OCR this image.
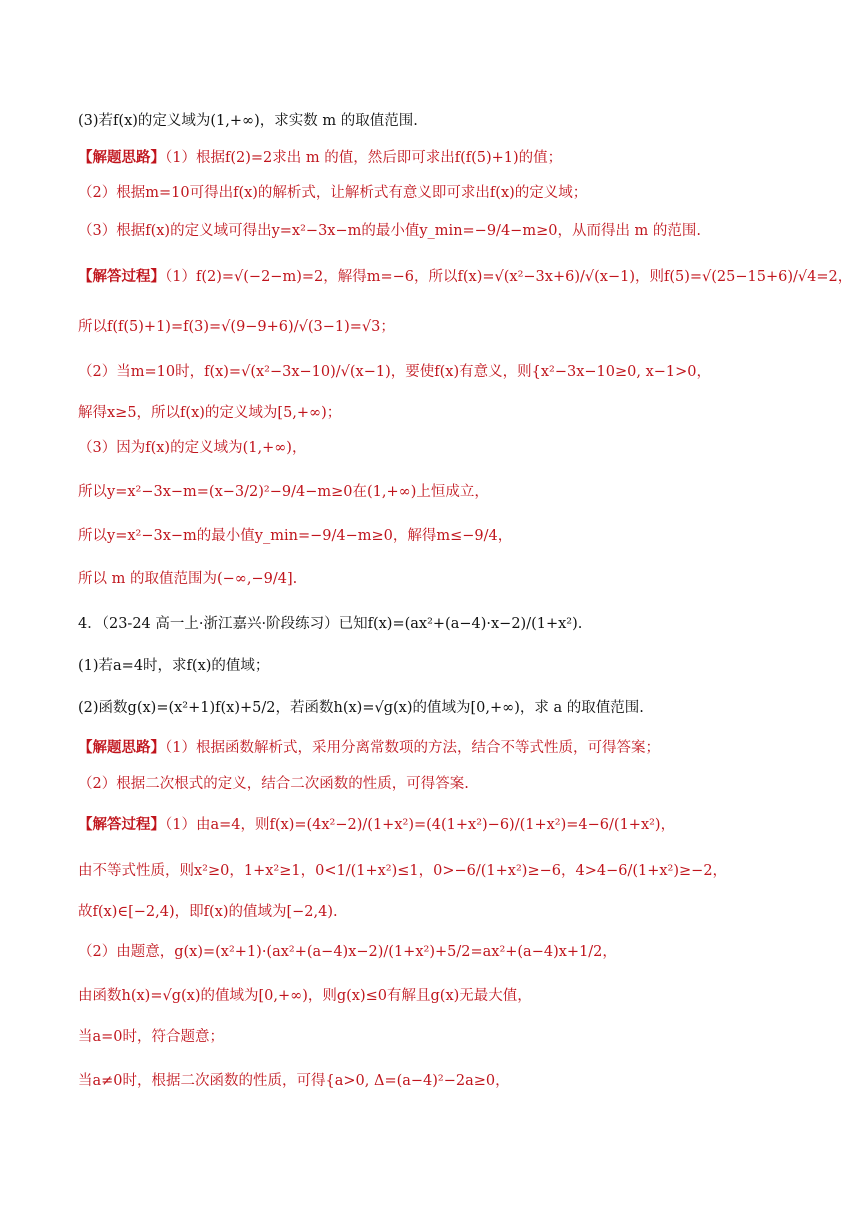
(3)若f(x)的定义域为(1,+∞)，求实数 m 的取值范围.
【解题思路】（1）根据f(2)=2求出 m 的值，然后即可求出f(f(5)+1)的值；
（2）根据m=10可得出f(x)的解析式，让解析式有意义即可求出f(x)的定义域；
（3）根据f(x)的定义域可得出y=x²−3x−m的最小值y_min=−9/4−m≥0，从而得出 m 的范围.
【解答过程】（1）f(2)=√(−2−m)=2，解得m=−6，所以f(x)=√(x²−3x+6)/√(x−1)，则f(5)=√(25−15+6)/√4=2，
所以f(f(5)+1)=f(3)=√(9−9+6)/√(3−1)=√3；
（2）当m=10时，f(x)=√(x²−3x−10)/√(x−1)，要使f(x)有意义，则{x²−3x−10≥0, x−1>0，
解得x≥5，所以f(x)的定义域为[5,+∞)；
（3）因为f(x)的定义域为(1,+∞)，
所以y=x²−3x−m=(x−3/2)²−9/4−m≥0在(1,+∞)上恒成立，
所以y=x²−3x−m的最小值y_min=−9/4−m≥0，解得m≤−9/4，
所以 m 的取值范围为(−∞,−9/4].
4．（23-24 高一上·浙江嘉兴·阶段练习）已知f(x)=(ax²+(a−4)·x−2)/(1+x²).
(1)若a=4时，求f(x)的值域；
(2)函数g(x)=(x²+1)f(x)+5/2，若函数h(x)=√g(x)的值域为[0,+∞)，求 a 的取值范围.
【解题思路】（1）根据函数解析式，采用分离常数项的方法，结合不等式性质，可得答案；
（2）根据二次根式的定义，结合二次函数的性质，可得答案.
【解答过程】（1）由a=4，则f(x)=(4x²−2)/(1+x²)=(4(1+x²)−6)/(1+x²)=4−6/(1+x²)，
由不等式性质，则x²≥0，1+x²≥1，0<1/(1+x²)≤1，0>−6/(1+x²)≥−6，4>4−6/(1+x²)≥−2，
故f(x)∈[−2,4)，即f(x)的值域为[−2,4).
（2）由题意，g(x)=(x²+1)·(ax²+(a−4)x−2)/(1+x²)+5/2=ax²+(a−4)x+1/2，
由函数h(x)=√g(x)的值域为[0,+∞)，则g(x)≤0有解且g(x)无最大值，
当a=0时，符合题意；
当a≠0时，根据二次函数的性质，可得{a>0, Δ=(a−4)²−2a≥0，
